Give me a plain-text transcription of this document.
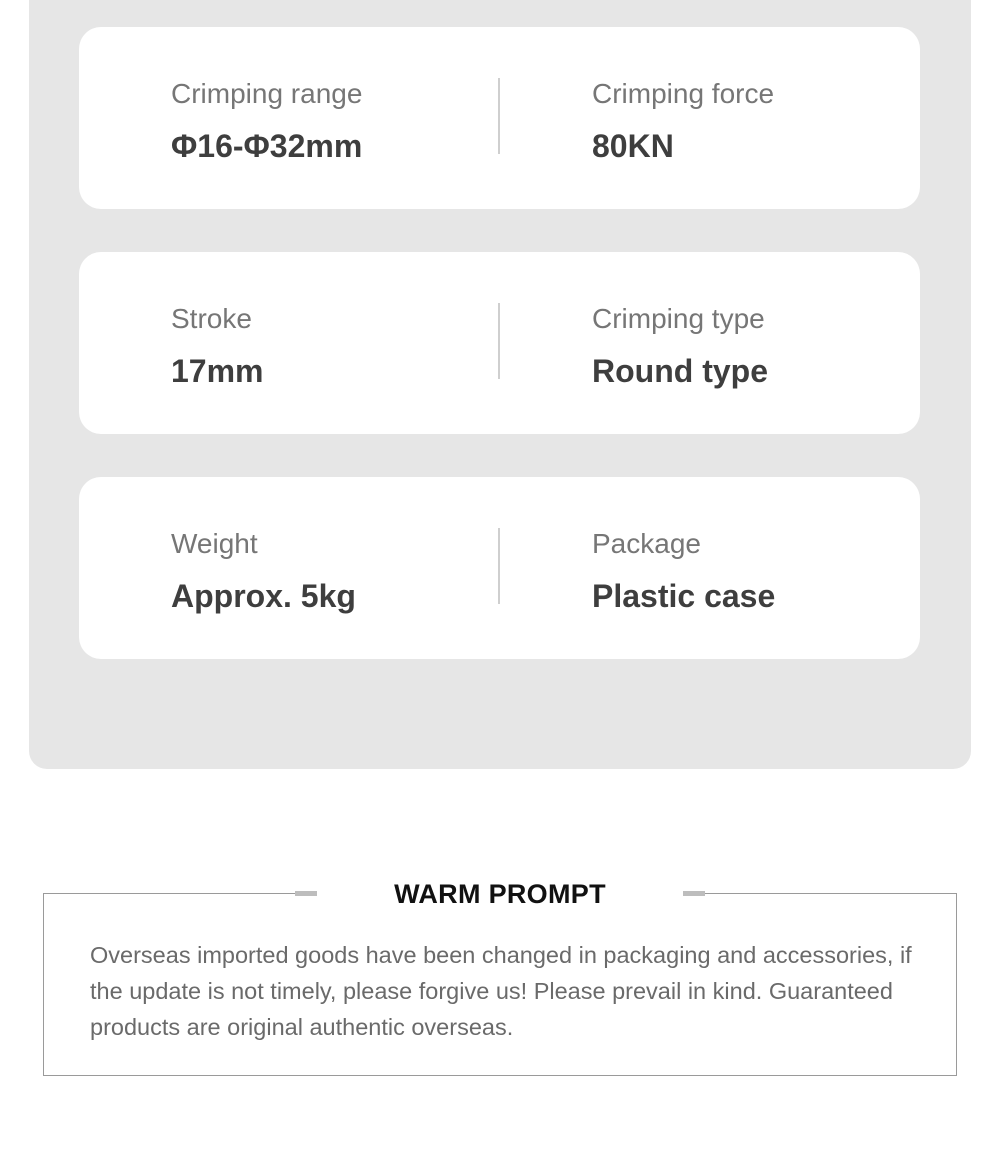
Crimping range
Φ16-Φ32mm
Crimping force
80KN
Stroke
17mm
Crimping type
Round type
Weight
Approx. 5kg
Package
Plastic case
WARM PROMPT
Overseas imported goods have been changed in packaging and accessories, if the update is not timely, please forgive us! Please prevail in kind. Guaranteed products are original authentic overseas.
